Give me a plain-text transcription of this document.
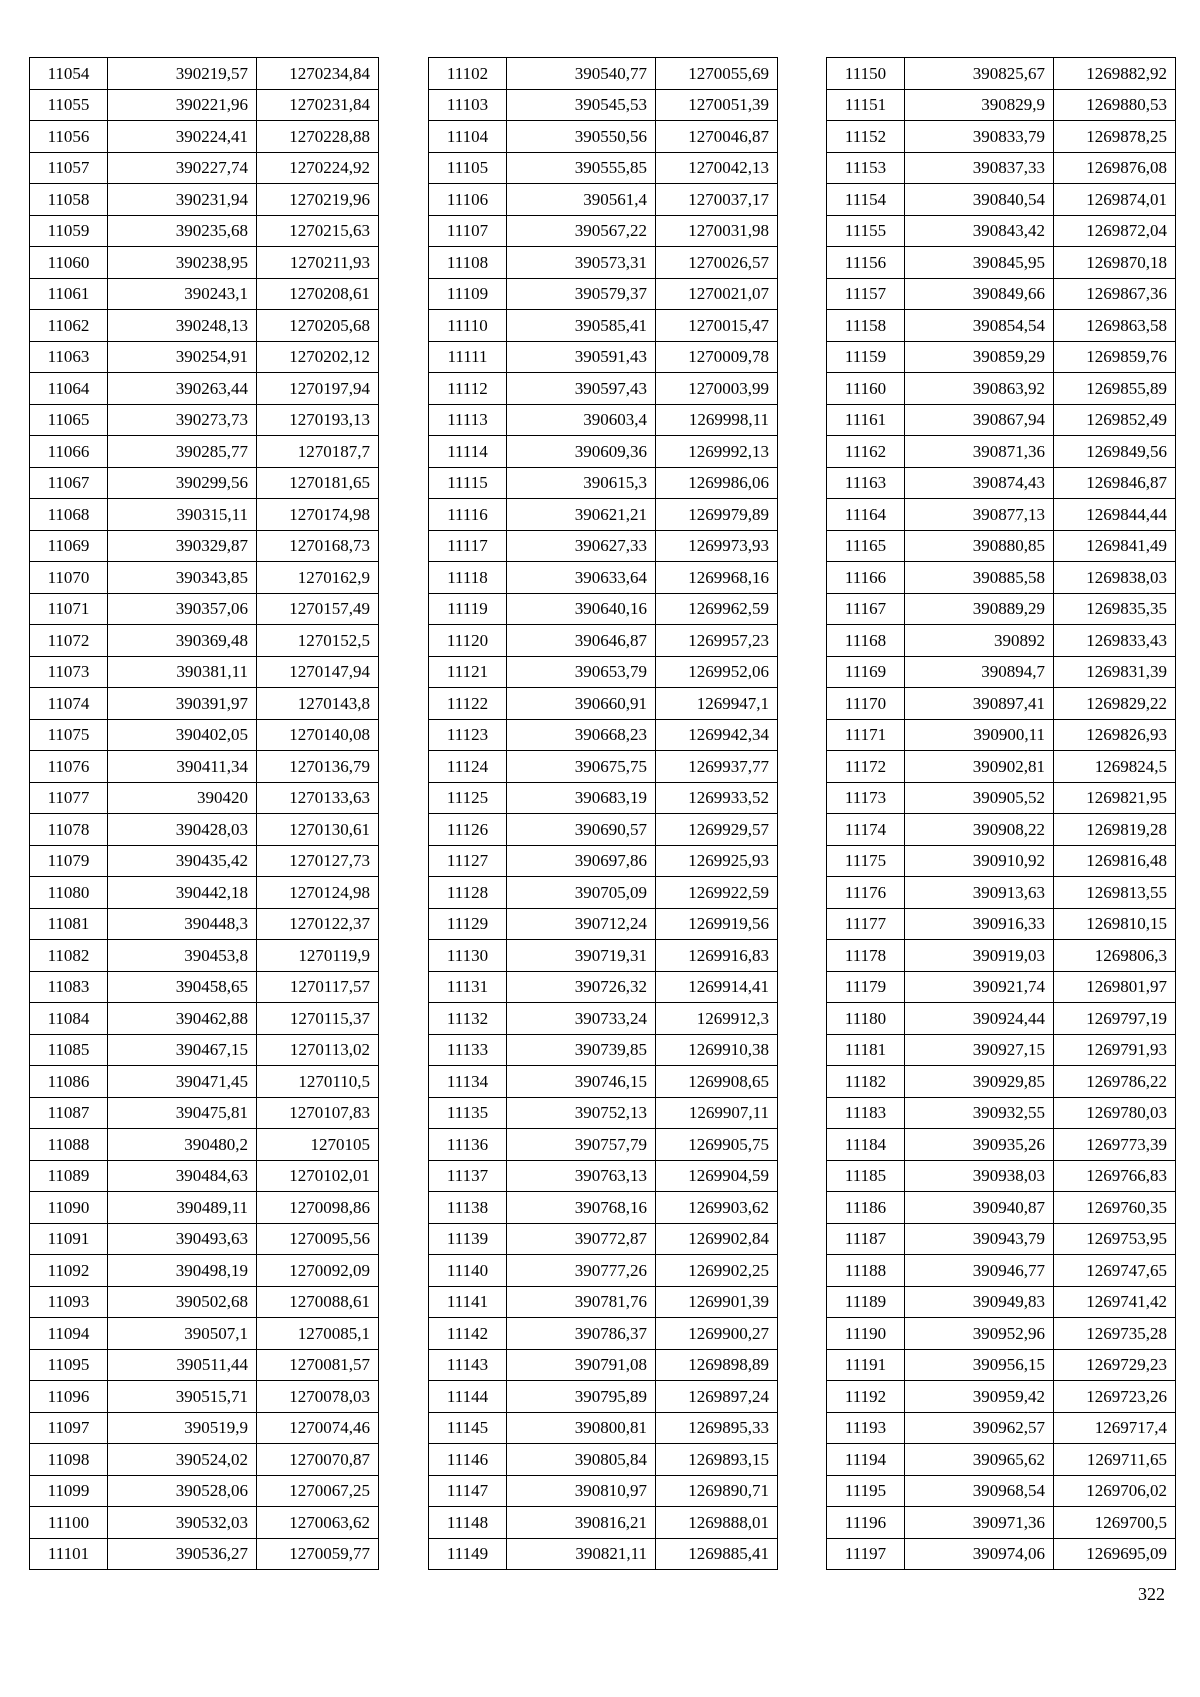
11054	390219,57	1270234,84
11055	390221,96	1270231,84
11056	390224,41	1270228,88
11057	390227,74	1270224,92
11058	390231,94	1270219,96
11059	390235,68	1270215,63
11060	390238,95	1270211,93
11061	390243,1	1270208,61
11062	390248,13	1270205,68
11063	390254,91	1270202,12
11064	390263,44	1270197,94
11065	390273,73	1270193,13
11066	390285,77	1270187,7
11067	390299,56	1270181,65
11068	390315,11	1270174,98
11069	390329,87	1270168,73
11070	390343,85	1270162,9
11071	390357,06	1270157,49
11072	390369,48	1270152,5
11073	390381,11	1270147,94
11074	390391,97	1270143,8
11075	390402,05	1270140,08
11076	390411,34	1270136,79
11077	390420	1270133,63
11078	390428,03	1270130,61
11079	390435,42	1270127,73
11080	390442,18	1270124,98
11081	390448,3	1270122,37
11082	390453,8	1270119,9
11083	390458,65	1270117,57
11084	390462,88	1270115,37
11085	390467,15	1270113,02
11086	390471,45	1270110,5
11087	390475,81	1270107,83
11088	390480,2	1270105
11089	390484,63	1270102,01
11090	390489,11	1270098,86
11091	390493,63	1270095,56
11092	390498,19	1270092,09
11093	390502,68	1270088,61
11094	390507,1	1270085,1
11095	390511,44	1270081,57
11096	390515,71	1270078,03
11097	390519,9	1270074,46
11098	390524,02	1270070,87
11099	390528,06	1270067,25
11100	390532,03	1270063,62
11101	390536,27	1270059,77
11102	390540,77	1270055,69
11103	390545,53	1270051,39
11104	390550,56	1270046,87
11105	390555,85	1270042,13
11106	390561,4	1270037,17
11107	390567,22	1270031,98
11108	390573,31	1270026,57
11109	390579,37	1270021,07
11110	390585,41	1270015,47
11111	390591,43	1270009,78
11112	390597,43	1270003,99
11113	390603,4	1269998,11
11114	390609,36	1269992,13
11115	390615,3	1269986,06
11116	390621,21	1269979,89
11117	390627,33	1269973,93
11118	390633,64	1269968,16
11119	390640,16	1269962,59
11120	390646,87	1269957,23
11121	390653,79	1269952,06
11122	390660,91	1269947,1
11123	390668,23	1269942,34
11124	390675,75	1269937,77
11125	390683,19	1269933,52
11126	390690,57	1269929,57
11127	390697,86	1269925,93
11128	390705,09	1269922,59
11129	390712,24	1269919,56
11130	390719,31	1269916,83
11131	390726,32	1269914,41
11132	390733,24	1269912,3
11133	390739,85	1269910,38
11134	390746,15	1269908,65
11135	390752,13	1269907,11
11136	390757,79	1269905,75
11137	390763,13	1269904,59
11138	390768,16	1269903,62
11139	390772,87	1269902,84
11140	390777,26	1269902,25
11141	390781,76	1269901,39
11142	390786,37	1269900,27
11143	390791,08	1269898,89
11144	390795,89	1269897,24
11145	390800,81	1269895,33
11146	390805,84	1269893,15
11147	390810,97	1269890,71
11148	390816,21	1269888,01
11149	390821,11	1269885,41
11150	390825,67	1269882,92
11151	390829,9	1269880,53
11152	390833,79	1269878,25
11153	390837,33	1269876,08
11154	390840,54	1269874,01
11155	390843,42	1269872,04
11156	390845,95	1269870,18
11157	390849,66	1269867,36
11158	390854,54	1269863,58
11159	390859,29	1269859,76
11160	390863,92	1269855,89
11161	390867,94	1269852,49
11162	390871,36	1269849,56
11163	390874,43	1269846,87
11164	390877,13	1269844,44
11165	390880,85	1269841,49
11166	390885,58	1269838,03
11167	390889,29	1269835,35
11168	390892	1269833,43
11169	390894,7	1269831,39
11170	390897,41	1269829,22
11171	390900,11	1269826,93
11172	390902,81	1269824,5
11173	390905,52	1269821,95
11174	390908,22	1269819,28
11175	390910,92	1269816,48
11176	390913,63	1269813,55
11177	390916,33	1269810,15
11178	390919,03	1269806,3
11179	390921,74	1269801,97
11180	390924,44	1269797,19
11181	390927,15	1269791,93
11182	390929,85	1269786,22
11183	390932,55	1269780,03
11184	390935,26	1269773,39
11185	390938,03	1269766,83
11186	390940,87	1269760,35
11187	390943,79	1269753,95
11188	390946,77	1269747,65
11189	390949,83	1269741,42
11190	390952,96	1269735,28
11191	390956,15	1269729,23
11192	390959,42	1269723,26
11193	390962,57	1269717,4
11194	390965,62	1269711,65
11195	390968,54	1269706,02
11196	390971,36	1269700,5
11197	390974,06	1269695,09
322
